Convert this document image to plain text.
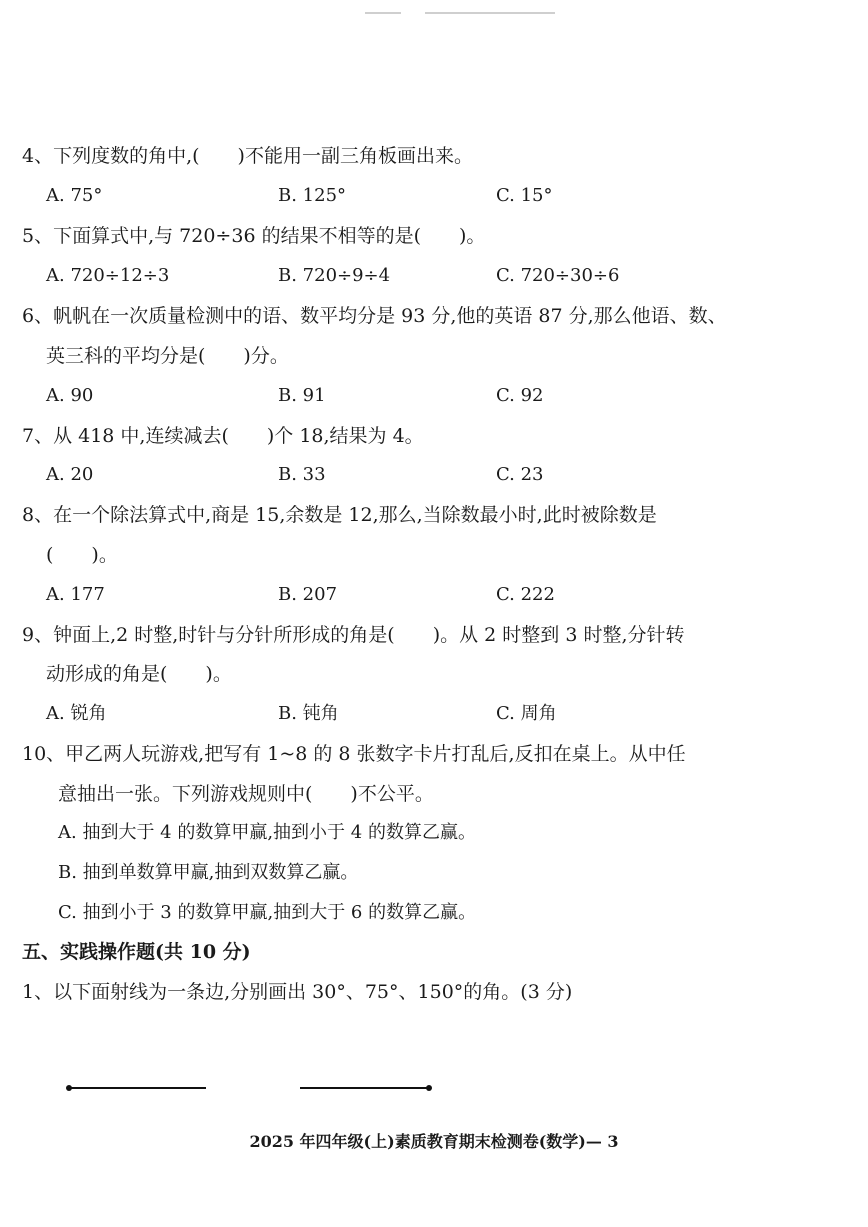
4、下列度数的角中,(　　)不能用一副三角板画出来。
A. 75°	B. 125°	C. 15°
5、下面算式中,与 720÷36 的结果不相等的是(　　)。
A. 720÷12÷3	B. 720÷9÷4	C. 720÷30÷6
6、帆帆在一次质量检测中的语、数平均分是 93 分,他的英语 87 分,那么他语、数、
英三科的平均分是(　　)分。
A. 90	B. 91	C. 92
7、从 418 中,连续减去(　　)个 18,结果为 4。
A. 20	B. 33	C. 23
8、在一个除法算式中,商是 15,余数是 12,那么,当除数最小时,此时被除数是
(　　)。
A. 177	B. 207	C. 222
9、钟面上,2 时整,时针与分针所形成的角是(　　)。从 2 时整到 3 时整,分针转
动形成的角是(　　)。
A. 锐角	B. 钝角	C. 周角
10、甲乙两人玩游戏,把写有 1~8 的 8 张数字卡片打乱后,反扣在桌上。从中任
意抽出一张。下列游戏规则中(　　)不公平。
A. 抽到大于 4 的数算甲赢,抽到小于 4 的数算乙赢。
B. 抽到单数算甲赢,抽到双数算乙赢。
C. 抽到小于 3 的数算甲赢,抽到大于 6 的数算乙赢。
五、实践操作题(共 10 分)
1、以下面射线为一条边,分别画出 30°、75°、150°的角。(3 分)
2025 年四年级(上)素质教育期末检测卷(数学)— 3
